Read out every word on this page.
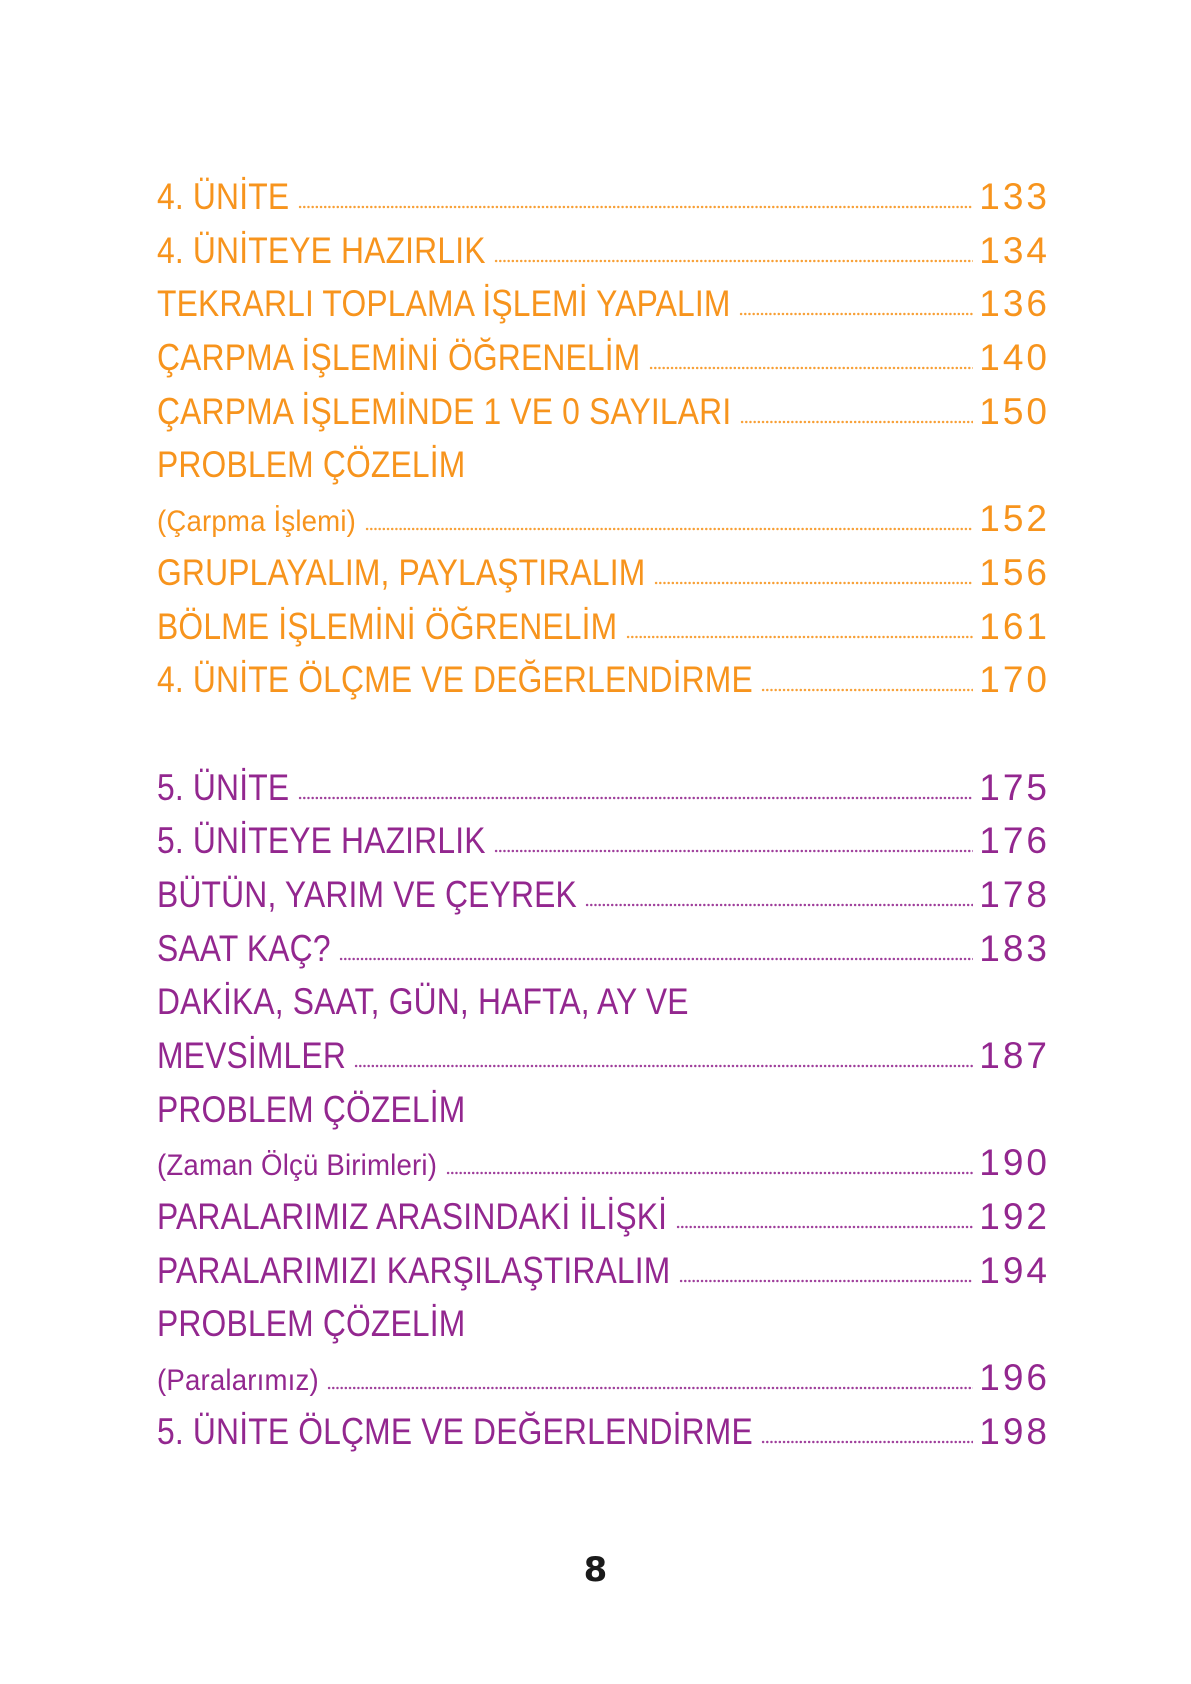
4. ÜNİTE	133
4. ÜNİTEYE HAZIRLIK	134
TEKRARLI TOPLAMA İŞLEMİ YAPALIM	136
ÇARPMA İŞLEMİNİ ÖĞRENELİM	140
ÇARPMA İŞLEMİNDE 1 VE 0 SAYILARI	150
PROBLEM ÇÖZELİM
(Çarpma İşlemi)	152
GRUPLAYALIM, PAYLAŞTIRALIM	156
BÖLME İŞLEMİNİ ÖĞRENELİM	161
4. ÜNİTE ÖLÇME VE DEĞERLENDİRME	170
5. ÜNİTE	175
5. ÜNİTEYE HAZIRLIK	176
BÜTÜN, YARIM VE ÇEYREK	178
SAAT KAÇ?	183
DAKİKA, SAAT, GÜN, HAFTA, AY VE
MEVSİMLER	187
PROBLEM ÇÖZELİM
(Zaman Ölçü Birimleri)	190
PARALARIMIZ ARASINDAKİ İLİŞKİ	192
PARALARIMIZI KARŞILAŞTIRALIM	194
PROBLEM ÇÖZELİM
(Paralarımız)	196
5. ÜNİTE ÖLÇME VE DEĞERLENDİRME	198
8
